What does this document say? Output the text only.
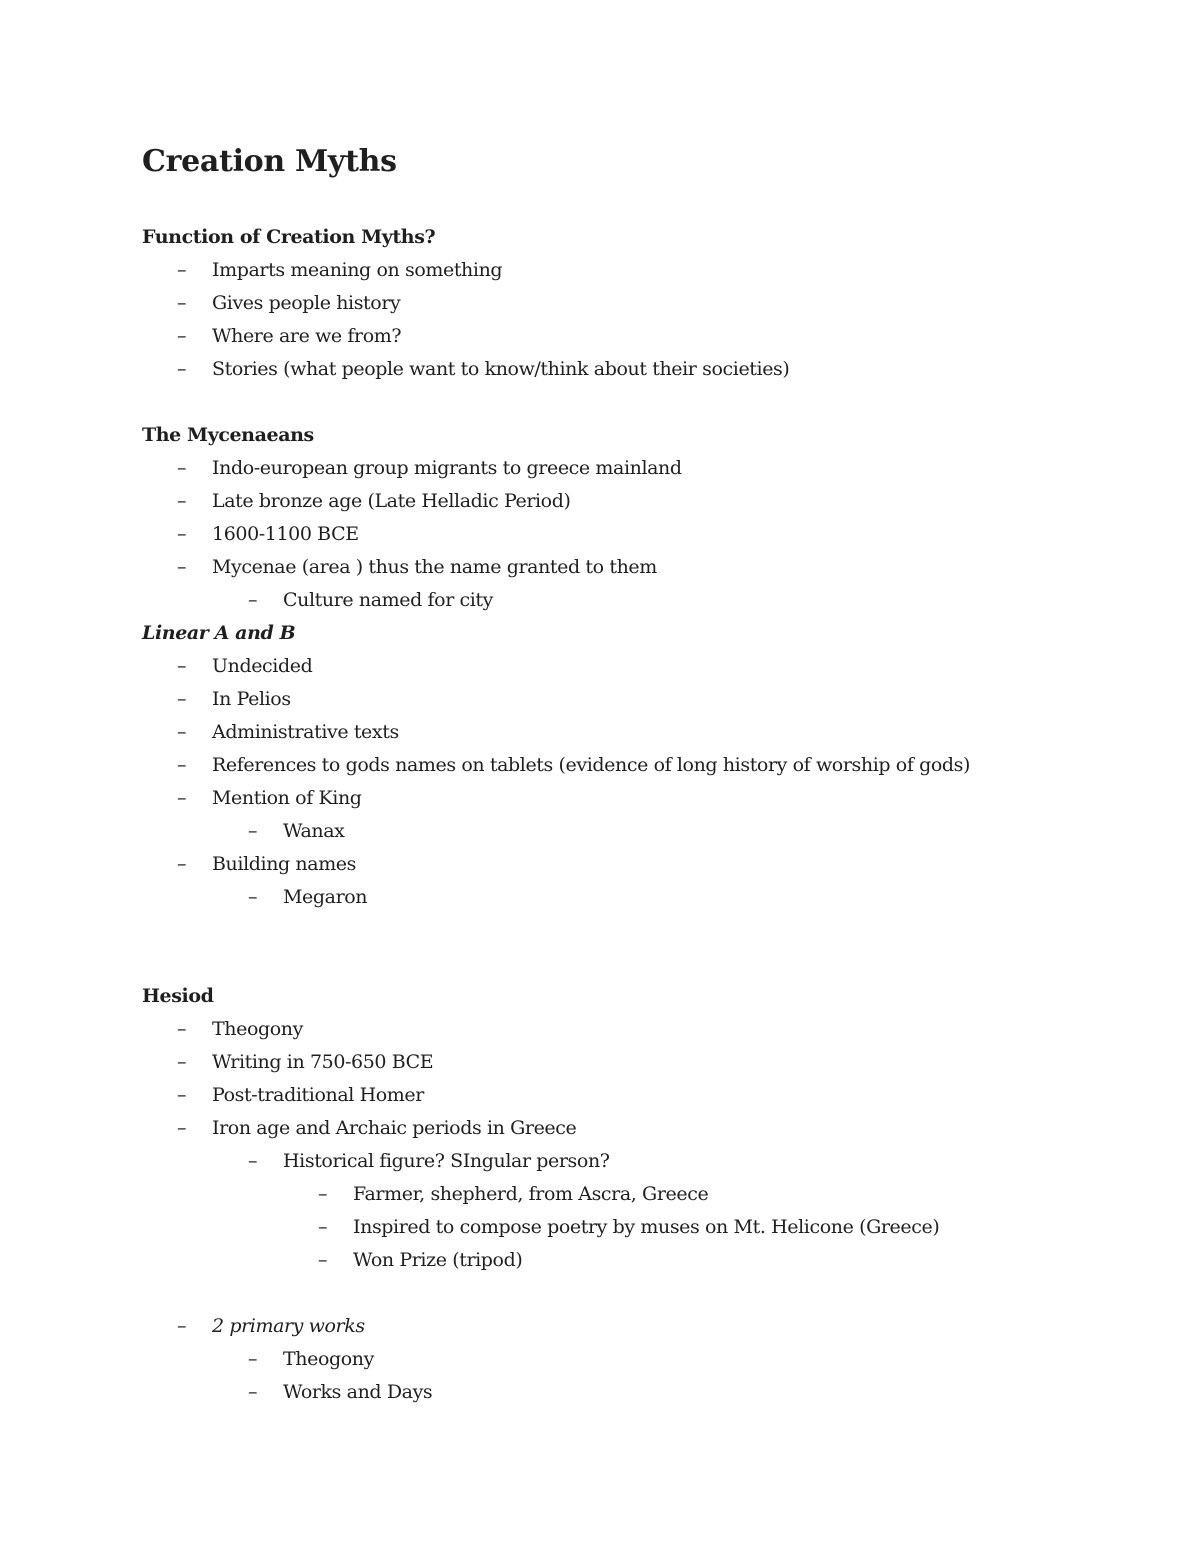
Creation Myths
Function of Creation Myths?
– Imparts meaning on something
– Gives people history
– Where are we from?
– Stories (what people want to know/think about their societies)
The Mycenaeans
– Indo-european group migrants to greece mainland
– Late bronze age (Late Helladic Period)
– 1600-1100 BCE
– Mycenae (area ) thus the name granted to them
– Culture named for city
Linear A and B
– Undecided
– In Pelios
– Administrative texts
– References to gods names on tablets (evidence of long history of worship of gods)
– Mention of King
– Wanax
– Building names
– Megaron
Hesiod
– Theogony
– Writing in 750-650 BCE
– Post-traditional Homer
– Iron age and Archaic periods in Greece
– Historical figure? SIngular person?
– Farmer, shepherd, from Ascra, Greece
– Inspired to compose poetry by muses on Mt. Helicone (Greece)
– Won Prize (tripod)
– 2 primary works
– Theogony
– Works and Days
